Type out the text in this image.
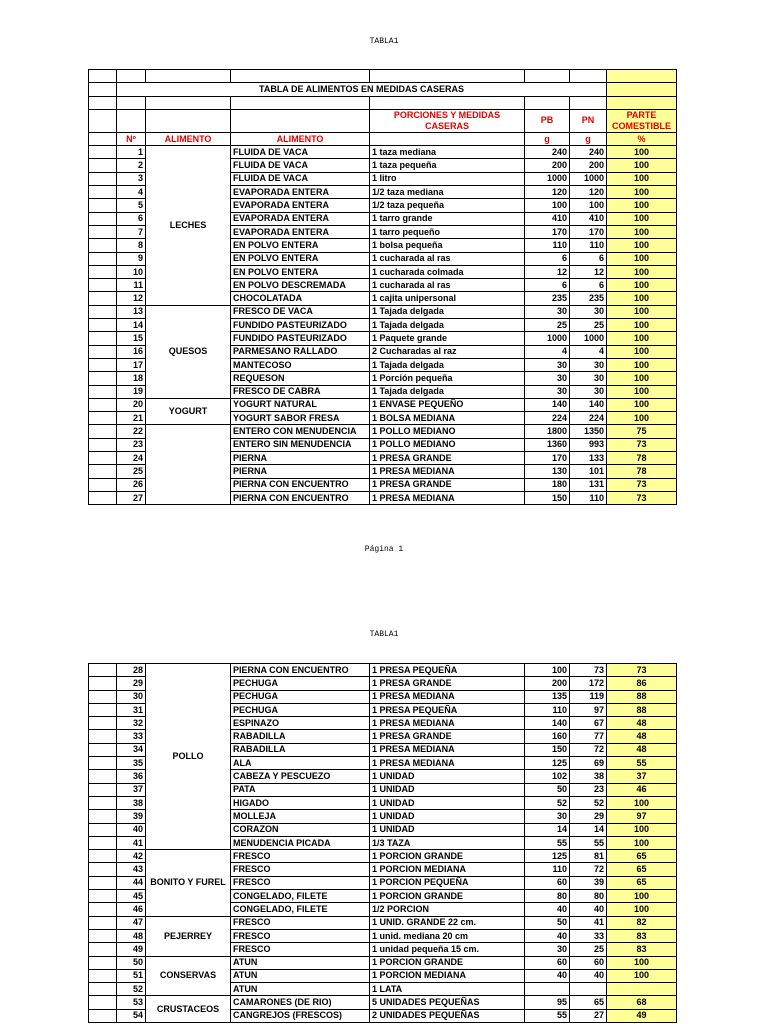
TABLA1

	TABLA DE ALIMENTOS EN MEDIDAS CASERAS						

				PORCIONES Y MEDIDAS CASERAS	PB	PN	PARTE COMESTIBLE
	Nº	ALIMENTO	ALIMENTO		g	g	%
	1	LECHES	FLUIDA DE VACA	1 taza mediana	240	240	100
	2		FLUIDA DE VACA	1 taza pequeña	200	200	100
	3		FLUIDA DE VACA	1 litro	1000	1000	100
	4		EVAPORADA ENTERA	1/2 taza mediana	120	120	100
	5		EVAPORADA ENTERA	1/2 taza pequeña	100	100	100
	6		EVAPORADA ENTERA	1 tarro grande	410	410	100
	7		EVAPORADA ENTERA	1 tarro pequeño	170	170	100
	8		EN POLVO ENTERA	1 bolsa pequeña	110	110	100
	9		EN POLVO ENTERA	1 cucharada al ras	6	6	100
	10		EN POLVO ENTERA	1 cucharada colmada	12	12	100
	11		EN POLVO DESCREMADA	1 cucharada al ras	6	6	100
	12		CHOCOLATADA	1 cajita unipersonal	235	235	100
	13	QUESOS	FRESCO DE VACA	1 Tajada delgada	30	30	100
	14		FUNDIDO PASTEURIZADO	1 Tajada delgada	25	25	100
	15		FUNDIDO PASTEURIZADO	1 Paquete grande	1000	1000	100
	16		PARMESANO RALLADO	2 Cucharadas al raz	4	4	100
	17		MANTECOSO	1 Tajada delgada	30	30	100
	18		REQUESON	1 Porción pequeña	30	30	100
	19		FRESCO DE CABRA	1 Tajada delgada	30	30	100
	20	YOGURT	YOGURT NATURAL	1 ENVASE PEQUEÑO	140	140	100
	21		YOGURT SABOR FRESA	1 BOLSA MEDIANA	224	224	100
	22		ENTERO CON MENUDENCIA	1 POLLO MEDIANO	1800	1350	75
	23		ENTERO SIN MENUDENCIA	1 POLLO MEDIANO	1360	993	73
	24		PIERNA	1 PRESA GRANDE	170	133	78
	25		PIERNA	1 PRESA MEDIANA	130	101	78
	26		PIERNA CON ENCUENTRO	1 PRESA GRANDE	180	131	73
	27		PIERNA CON ENCUENTRO	1 PRESA MEDIANA	150	110	73
Página 1
TABLA1
	28	POLLO	PIERNA CON ENCUENTRO	1 PRESA PEQUEÑA	100	73	73
	29		PECHUGA	1 PRESA GRANDE	200	172	86
	30		PECHUGA	1 PRESA MEDIANA	135	119	88
	31		PECHUGA	1 PRESA PEQUEÑA	110	97	88
	32		ESPINAZO	1 PRESA MEDIANA	140	67	48
	33		RABADILLA	1 PRESA GRANDE	160	77	48
	34		RABADILLA	1 PRESA MEDIANA	150	72	48
	35		ALA	1 PRESA MEDIANA	125	69	55
	36		CABEZA Y PESCUEZO	1 UNIDAD	102	38	37
	37		PATA	1 UNIDAD	50	23	46
	38		HIGADO	1 UNIDAD	52	52	100
	39		MOLLEJA	1 UNIDAD	30	29	97
	40		CORAZON	1 UNIDAD	14	14	100
	41		MENUDENCIA PICADA	1/3 TAZA	55	55	100
	42	BONITO Y FUREL	FRESCO	1 PORCION GRANDE	125	81	65
	43		FRESCO	1 PORCION MEDIANA	110	72	65
	44		FRESCO	1 PORCION PEQUEÑA	60	39	65
	45		CONGELADO, FILETE	1 PORCION GRANDE	80	80	100
	46		CONGELADO, FILETE	1/2 PORCION	40	40	100
	47	PEJERREY	FRESCO	1 UNID. GRANDE 22 cm.	50	41	82
	48		FRESCO	1 unid. mediana 20 cm	40	33	83
	49		FRESCO	1 unidad pequeña 15 cm.	30	25	83
	50	CONSERVAS	ATUN	1 PORCION GRANDE	60	60	100
	51		ATUN	1 PORCION MEDIANA	40	40	100
	52		ATUN	1 LATA			
	53	CRUSTACEOS	CAMARONES (DE RIO)	5 UNIDADES PEQUEÑAS	95	65	68
	54		CANGREJOS (FRESCOS)	2 UNIDADES PEQUEÑAS	55	27	49
